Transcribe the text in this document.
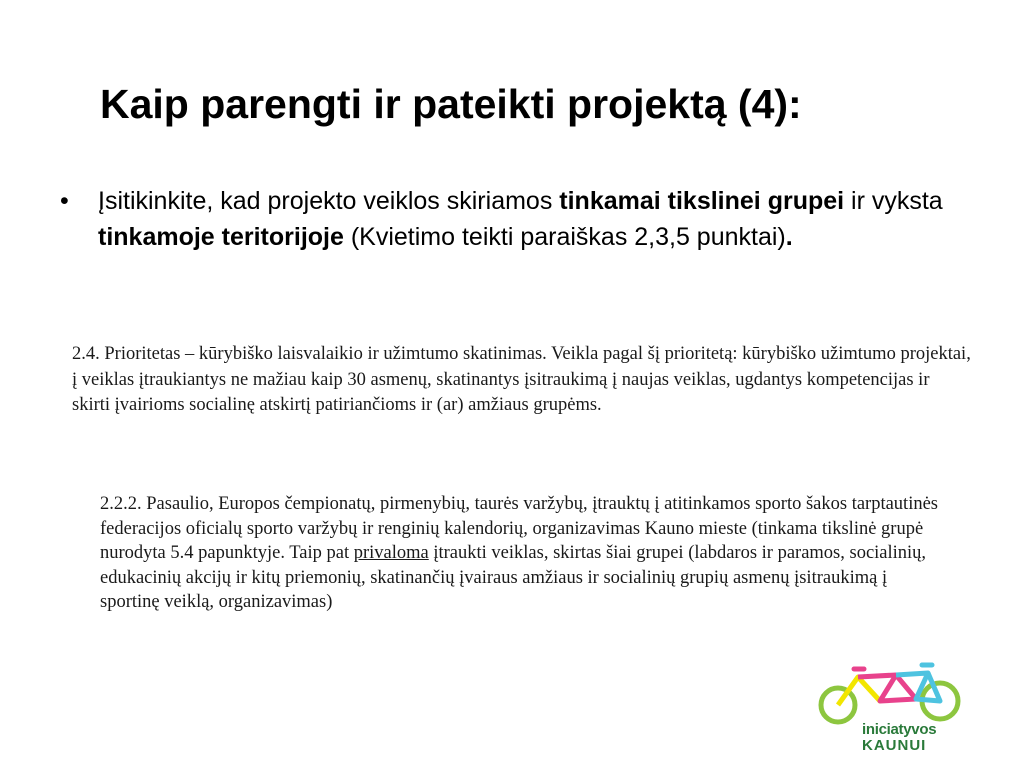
Kaip parengti ir pateikti projektą (4):
•	Įsitikinkite, kad projekto veiklos skiriamos tinkamai tikslinei grupei ir vyksta tinkamoje teritorijoje (Kvietimo teikti paraiškas 2,3,5 punktai).
2.4. Prioritetas – kūrybiško laisvalaikio ir užimtumo skatinimas. Veikla pagal šį prioritetą: kūrybiško užimtumo projektai, į veiklas įtraukiantys ne mažiau kaip 30 asmenų, skatinantys įsitraukimą į naujas veiklas, ugdantys kompetencijas ir skirti įvairioms socialinę atskirtį patiriančioms ir (ar) amžiaus grupėms.
2.2.2. Pasaulio, Europos čempionatų, pirmenybių, taurės varžybų, įtrauktų į atitinkamos sporto šakos tarptautinės federacijos oficialų sporto varžybų ir renginių kalendorių, organizavimas Kauno mieste (tinkama tikslinė grupė nurodyta 5.4 papunktyje. Taip pat privaloma įtraukti veiklas, skirtas šiai grupei (labdaros ir paramos, socialinių, edukacinių akcijų ir kitų priemonių, skatinančių įvairaus amžiaus ir socialinių grupių asmenų įsitraukimą į sportinę veiklą, organizavimas)
iniciatyvos
KAUNUI
